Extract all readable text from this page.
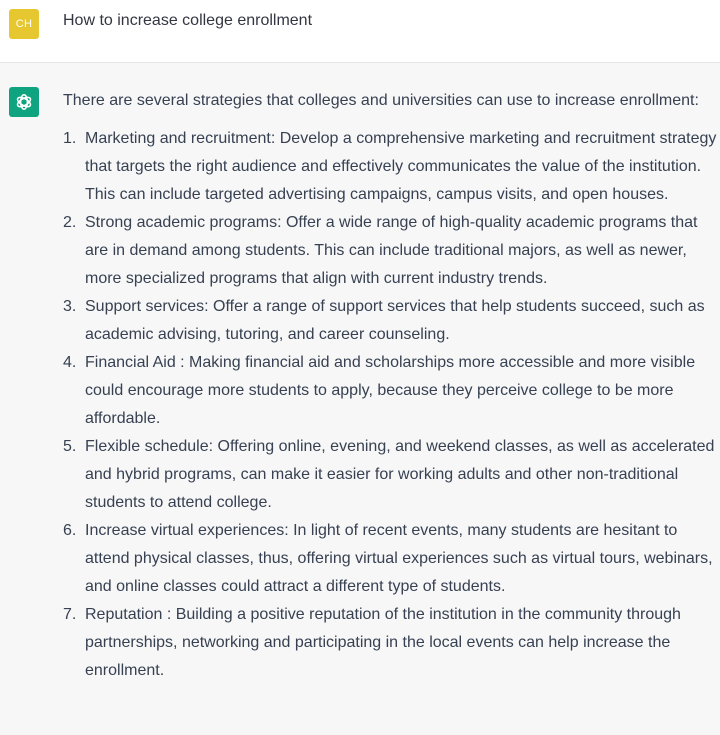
CH How to increase college enrollment

There are several strategies that colleges and universities can use to increase enrollment:

1. Marketing and recruitment: Develop a comprehensive marketing and recruitment strategy that targets the right audience and effectively communicates the value of the institution. This can include targeted advertising campaigns, campus visits, and open houses.
2. Strong academic programs: Offer a wide range of high-quality academic programs that are in demand among students. This can include traditional majors, as well as newer, more specialized programs that align with current industry trends.
3. Support services: Offer a range of support services that help students succeed, such as academic advising, tutoring, and career counseling.
4. Financial Aid : Making financial aid and scholarships more accessible and more visible could encourage more students to apply, because they perceive college to be more affordable.
5. Flexible schedule: Offering online, evening, and weekend classes, as well as accelerated and hybrid programs, can make it easier for working adults and other non-traditional students to attend college.
6. Increase virtual experiences: In light of recent events, many students are hesitant to attend physical classes, thus, offering virtual experiences such as virtual tours, webinars, and online classes could attract a different type of students.
7. Reputation : Building a positive reputation of the institution in the community through partnerships, networking and participating in the local events can help increase the enrollment.
